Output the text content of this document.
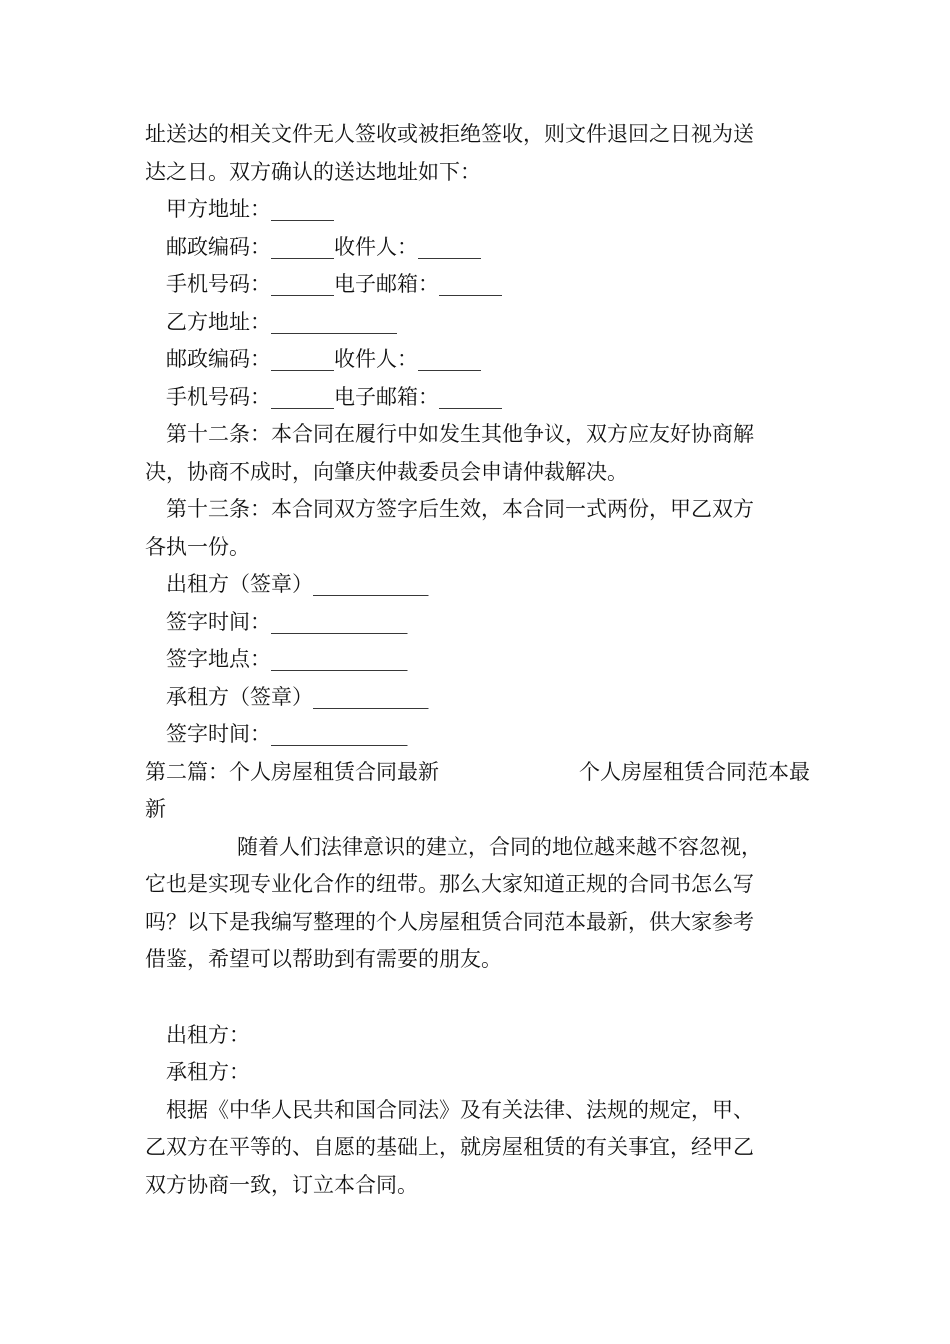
址送达的相关文件无人签收或被拒绝签收，则文件退回之日视为送
达之日。双方确认的送达地址如下：
甲方地址：______
邮政编码：______收件人：______
手机号码：______电子邮箱：______
乙方地址：____________
邮政编码：______收件人：______
手机号码：______电子邮箱：______
第十二条：本合同在履行中如发生其他争议，双方应友好协商解
决，协商不成时，向肇庆仲裁委员会申请仲裁解决。
第十三条：本合同双方签字后生效，本合同一式两份，甲乙双方
各执一份。
出租方（签章）___________
签字时间：_____________
签字地点：_____________
承租方（签章）___________
签字时间：_____________
第二篇：个人房屋租赁合同最新	个人房屋租赁合同范本最
新
随着人们法律意识的建立，合同的地位越来越不容忽视，
它也是实现专业化合作的纽带。那么大家知道正规的合同书怎么写
吗？以下是我编写整理的个人房屋租赁合同范本最新，供大家参考
借鉴，希望可以帮助到有需要的朋友。
出租方：
承租方：
根据《中华人民共和国合同法》及有关法律、法规的规定，甲、
乙双方在平等的、自愿的基础上，就房屋租赁的有关事宜，经甲乙
双方协商一致，订立本合同。
